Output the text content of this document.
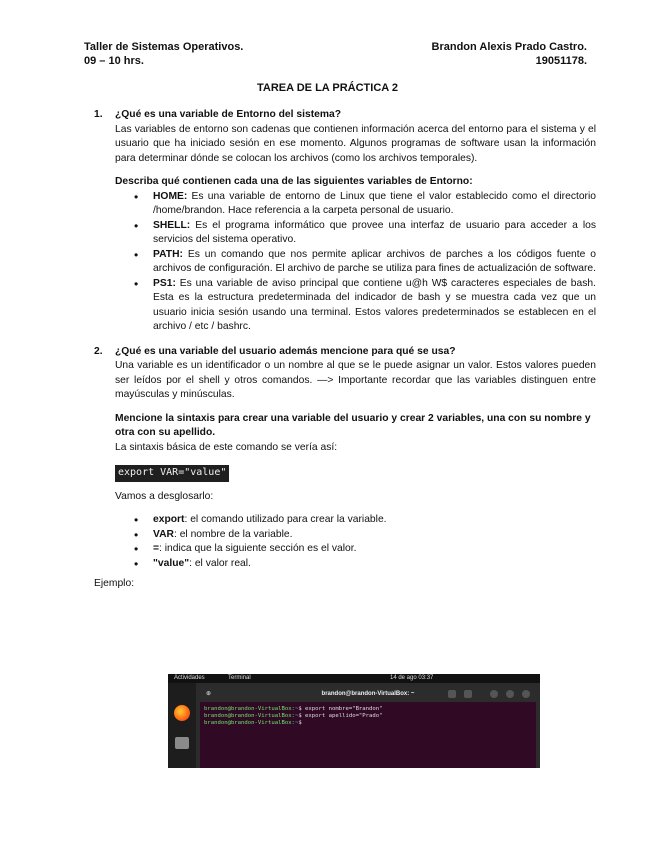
Taller de Sistemas Operativos.
09 – 10 hrs.
Brandon Alexis Prado Castro.
19051178.
TAREA DE LA PRÁCTICA 2
1. ¿Qué es una variable de Entorno del sistema?

Las variables de entorno son cadenas que contienen información acerca del entorno para el sistema y el usuario que ha iniciado sesión en ese momento. Algunos programas de software usan la información para determinar dónde se colocan los archivos (como los archivos temporales).

Describa qué contienen cada una de las siguientes variables de Entorno:
• HOME: Es una variable de entorno de Linux que tiene el valor establecido como el directorio /home/brandon. Hace referencia a la carpeta personal de usuario.
• SHELL: Es el programa informático que provee una interfaz de usuario para acceder a los servicios del sistema operativo.
• PATH: Es un comando que nos permite aplicar archivos de parches a los códigos fuente o archivos de configuración. El archivo de parche se utiliza para fines de actualización de software.
• PS1: Es una variable de aviso principal que contiene u@h W$ caracteres especiales de bash. Esta es la estructura predeterminada del indicador de bash y se muestra cada vez que un usuario inicia sesión usando una terminal. Estos valores predeterminados se establecen en el archivo / etc / bashrc.
2. ¿Qué es una variable del usuario además mencione para qué se usa?

Una variable es un identificador o un nombre al que se le puede asignar un valor. Estos valores pueden ser leídos por el shell y otros comandos. —> Importante recordar que las variables distinguen entre mayúsculas y minúsculas.

Mencione la sintaxis para crear una variable del usuario y crear 2 variables, una con su nombre y otra con su apellido.
La sintaxis básica de este comando se vería así:
export VAR="value"
Vamos a desglosarlo:
• export: el comando utilizado para crear la variable.
• VAR: el nombre de la variable.
• =: indica que la siguiente sección es el valor.
• "value": el valor real.
Ejemplo:
Actividades	Terminal	14 de ago 03:37
⊕	brandon@brandon-VirtualBox: ~
brandon@brandon-VirtualBox:~$ export nombre="Brandon"
brandon@brandon-VirtualBox:~$ export apellido="Prado"
brandon@brandon-VirtualBox:~$
